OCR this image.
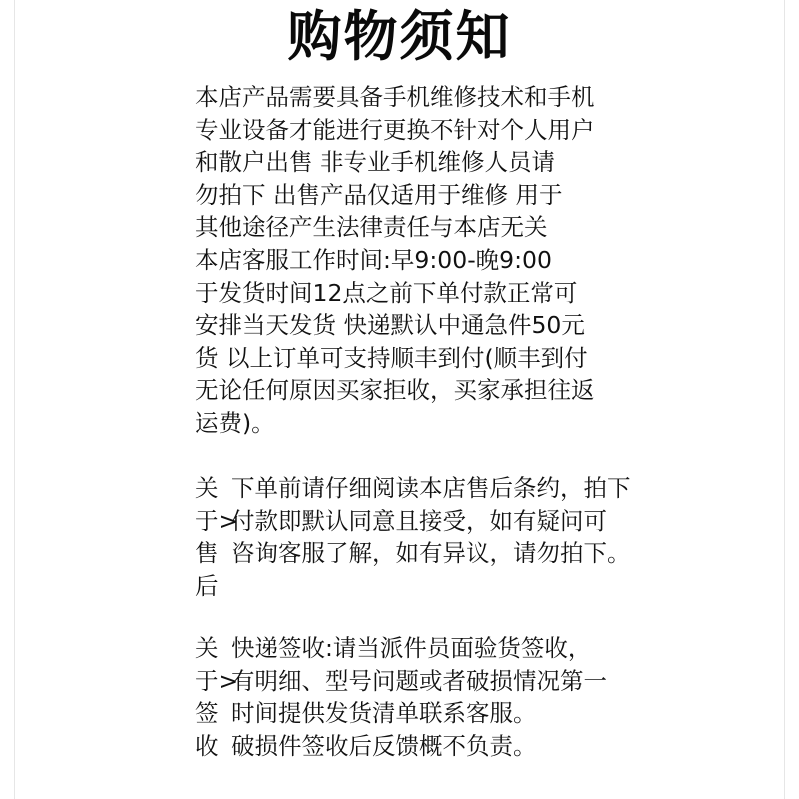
购物须知
本店产品需要具备手机维修技术和手机
专业设备才能进行更换不针对个人用户
和散户出售 非专业手机维修人员请
勿拍下 出售产品仅适用于维修 用于
其他途径产生法律责任与本店无关
本店客服工作时间:早9:00-晚9:00
于发货时间12点之前下单付款正常可
安排当天发货 快递默认中通急件50元
货 以上订单可支持顺丰到付(顺丰到付
无论任何原因买家拒收，买家承担往返
运费)。
关 下单前请仔细阅读本店售后条约，拍下
于>
付款即默认同意且接受，如有疑问可
售 咨询客服了解，如有异议，请勿拍下。
后
关 快递签收:请当派件员面验货签收，
于>
有明细、型号问题或者破损情况第一
签 时间提供发货清单联系客服。
收 破损件签收后反馈概不负责。
